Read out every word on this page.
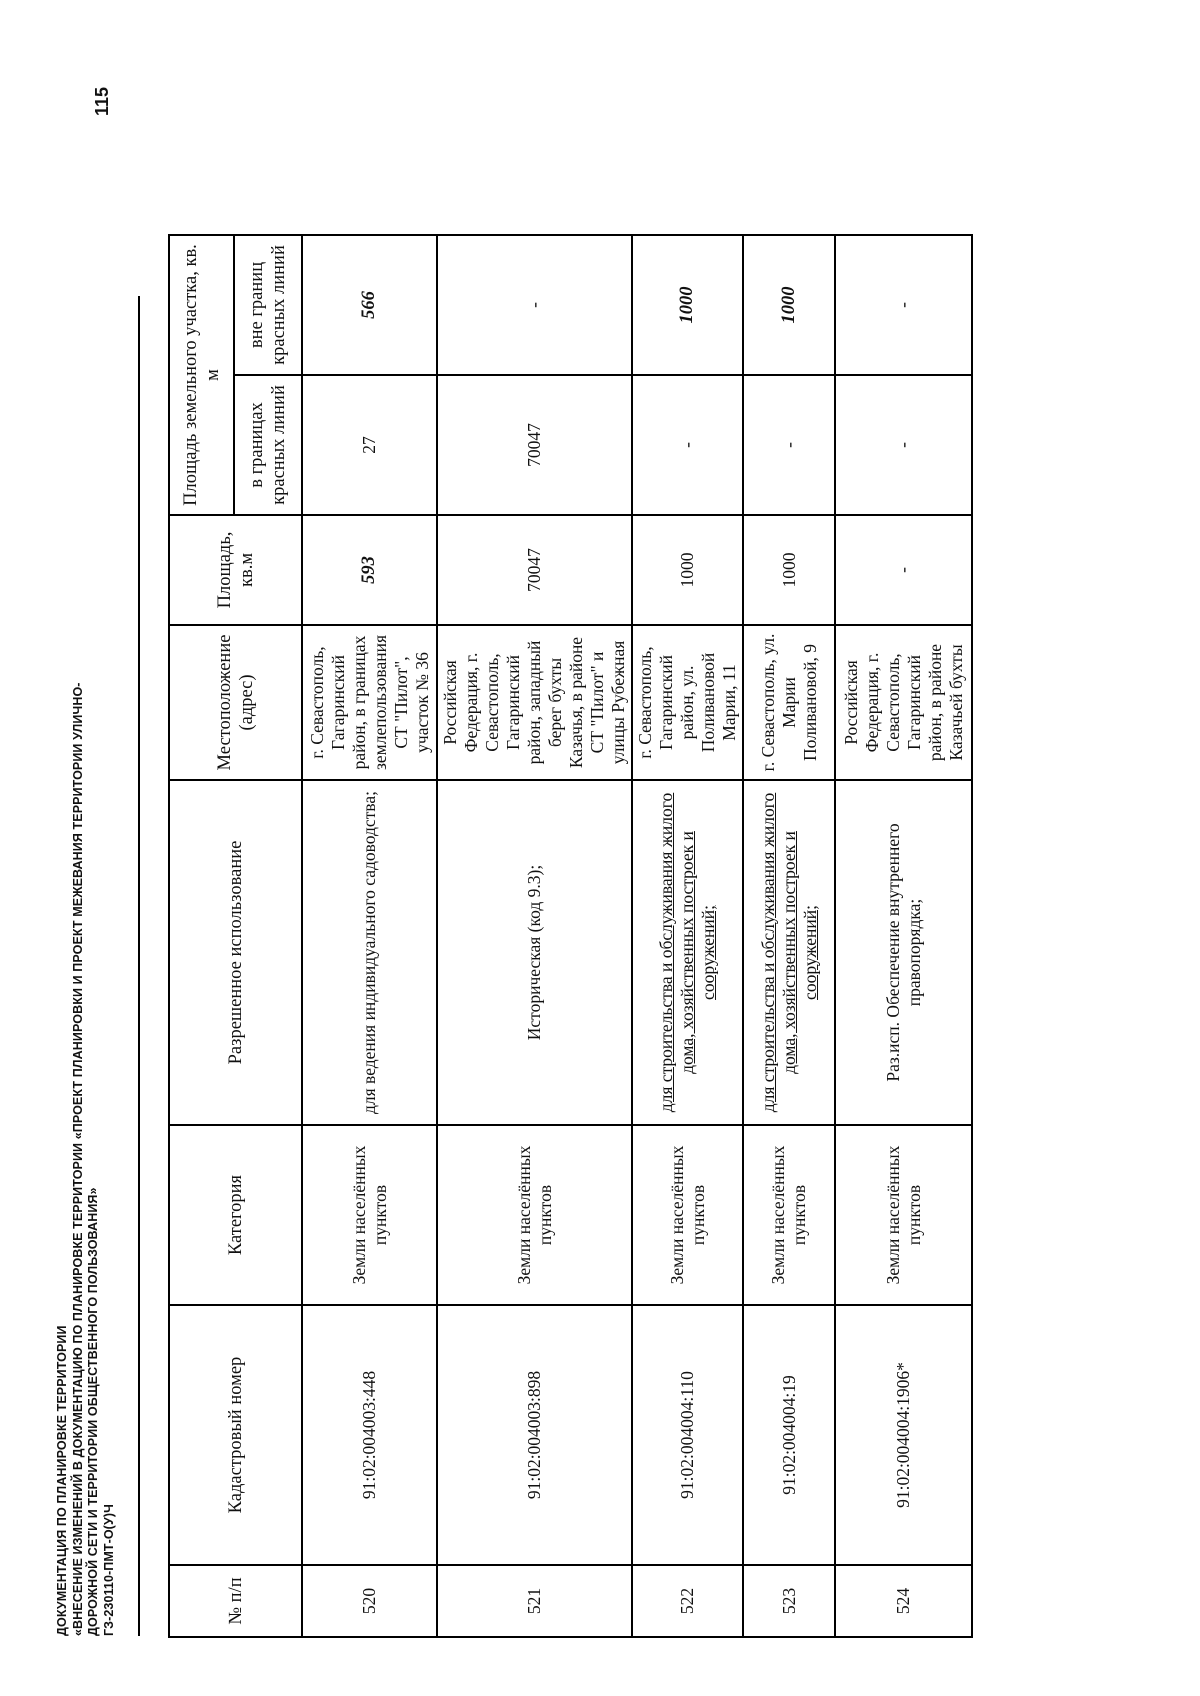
ДОКУМЕНТАЦИЯ ПО ПЛАНИРОВКЕ ТЕРРИТОРИИ «ВНЕСЕНИЕ ИЗМЕНЕНИЙ В ДОКУМЕНТАЦИЮ ПО ПЛАНИРОВКЕ ТЕРРИТОРИИ «ПРОЕКТ ПЛАНИРОВКИ И ПРОЕКТ МЕЖЕВАНИЯ ТЕРРИТОРИИ УЛИЧНО- ДОРОЖНОЙ СЕТИ И ТЕРРИТОРИИ ОБЩЕСТВЕННОГО ПОЛЬЗОВАНИЯ» ГЗ-230110-ПМТ-О(У)Ч
115
№ п/п	Кадастровый номер	Категория	Разрешенное использование	Местоположение (адрес)	Площадь, кв.м	Площадь земельного участка, кв. м	
						в границах красных линий	вне границ красных линий
520	91:02:004003:448	Земли населённых пунктов	для ведения индивидуального садоводства;	г. Севастополь, Гагаринский район, в границах землепользования СТ "Пилот", участок № 36	593	27	566
521	91:02:004003:898	Земли населённых пунктов	Историческая (код 9.3);	Российская Федерация, г. Севастополь, Гагаринский район, западный берег бухты Казачья, в районе СТ "Пилот" и улицы Рубежная	70047	70047	-
522	91:02:004004:110	Земли населённых пунктов	для строительства и обслуживания жилого дома, хозяйственных построек и сооружений;	г. Севастополь, Гагаринский район, ул. Поливановой Марии, 11	1000	-	1000
523	91:02:004004:19	Земли населённых пунктов	для строительства и обслуживания жилого дома, хозяйственных построек и сооружений;	г. Севастополь, ул. Марии Поливановой, 9	1000	-	1000
524	91:02:004004:1906*	Земли населённых пунктов	Раз.исп. Обеспечение внутреннего правопорядка;	Российская Федерация, г. Севастополь, Гагаринский район, в районе Казачьей бухты	-	-	-
